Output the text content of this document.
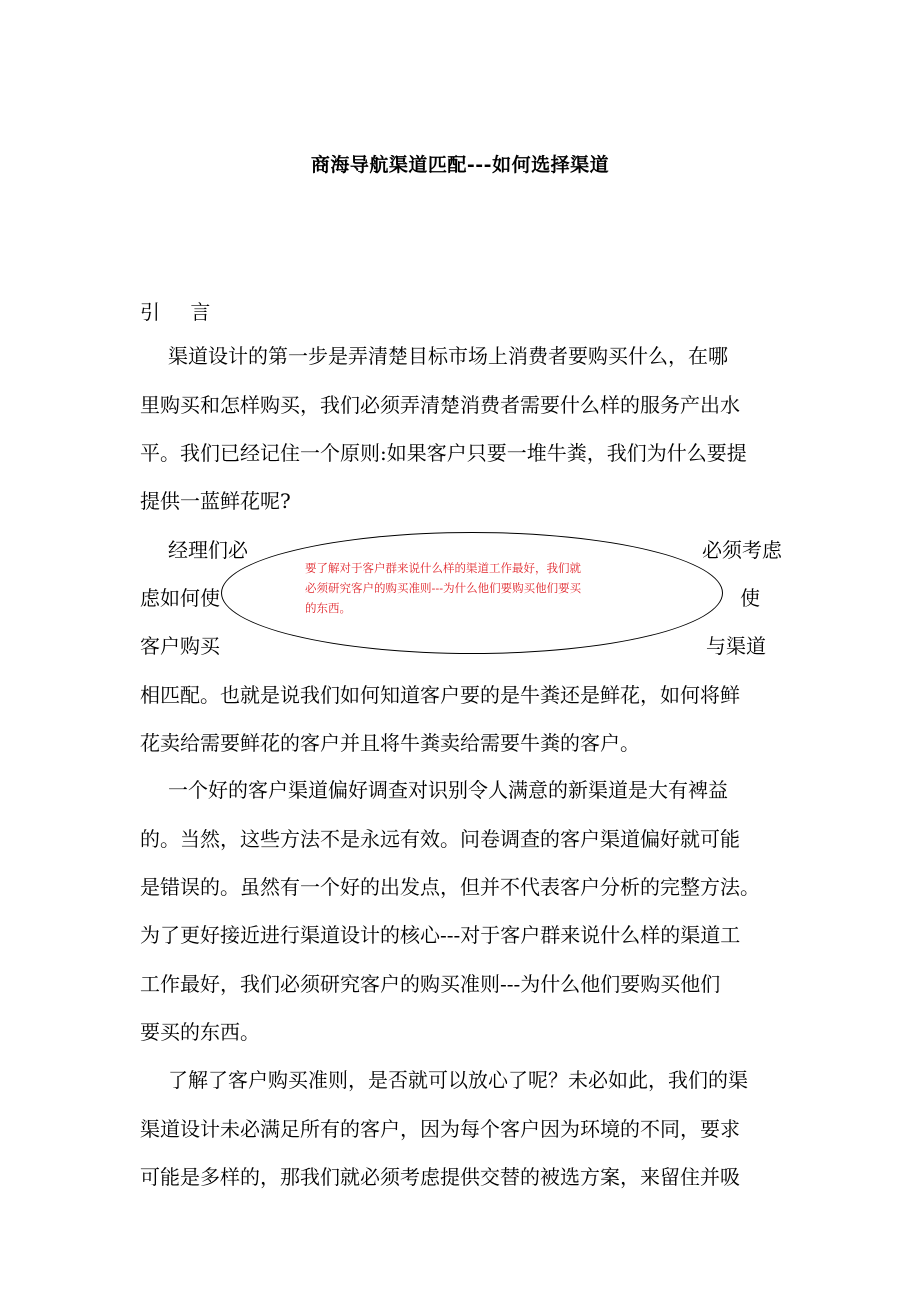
商海导航渠道匹配---如何选择渠道
引 言
渠道设计的第一步是弄清楚目标市场上消费者要购买什么，在哪
里购买和怎样购买，我们必须弄清楚消费者需要什么样的服务产出水
平。我们已经记住一个原则:如果客户只要一堆牛粪，我们为什么要提
提供一蓝鲜花呢?
经理们必	必须考虑
虑如何使	使
客户购买	与渠道
相匹配。也就是说我们如何知道客户要的是牛粪还是鲜花，如何将鲜
花卖给需要鲜花的客户并且将牛粪卖给需要牛粪的客户。
要了解对于客户群来说什么样的渠道工作最好，我们就
必须研究客户的购买准则---为什么他们要购买他们要买
的东西。
一个好的客户渠道偏好调查对识别令人满意的新渠道是大有裨益
的。当然，这些方法不是永远有效。问卷调查的客户渠道偏好就可能
是错误的。虽然有一个好的出发点，但并不代表客户分析的完整方法。
为了更好接近进行渠道设计的核心---对于客户群来说什么样的渠道工
工作最好，我们必须研究客户的购买准则---为什么他们要购买他们
要买的东西。
了解了客户购买准则，是否就可以放心了呢？未必如此，我们的渠
渠道设计未必满足所有的客户，因为每个客户因为环境的不同，要求
可能是多样的，那我们就必须考虑提供交替的被选方案，来留住并吸
